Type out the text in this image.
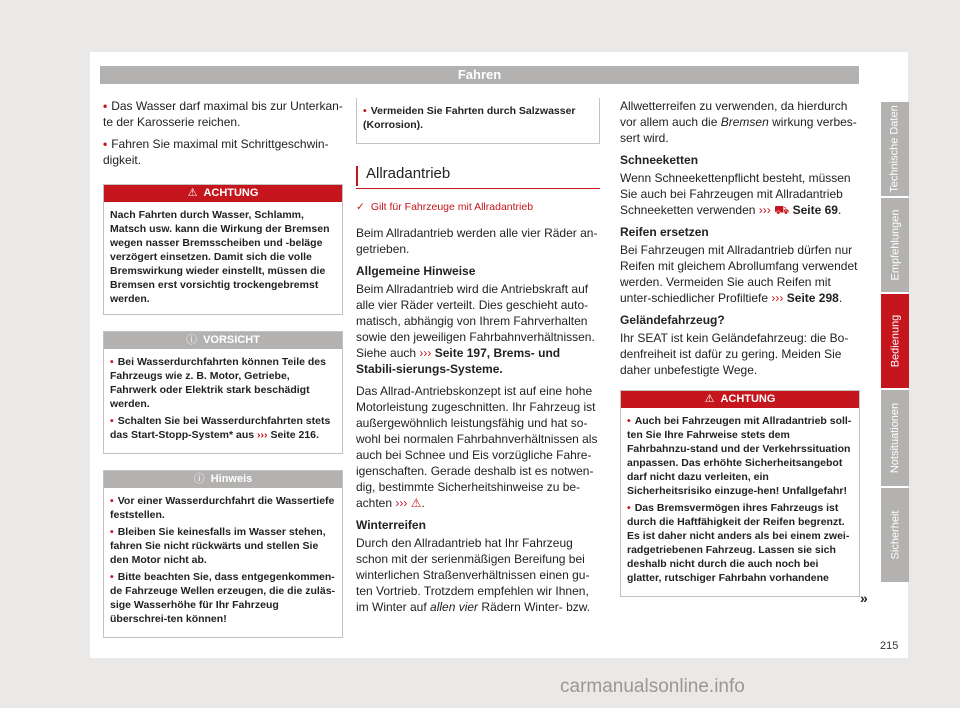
Fahren

• Das Wasser darf maximal bis zur Unterkan-te der Karosserie reichen.

• Fahren Sie maximal mit Schrittgeschwin-digkeit.

⚠ ACHTUNG
Nach Fahrten durch Wasser, Schlamm, Matsch usw. kann die Wirkung der Bremsen wegen nasser Bremsscheiben und -beläge verzögert einsetzen. Damit sich die volle Bremswirkung wieder einstellt, müssen die Bremsen erst vorsichtig trockengebremst werden.
ⓘ VORSICHT

• Bei Wasserdurchfahrten können Teile des Fahrzeugs wie z. B. Motor, Getriebe, Fahrwerk oder Elektrik stark beschädigt werden.

• Schalten Sie bei Wasserdurchfahrten stets das Start-Stopp-System* aus ››› Seite 216.

ⓘ Hinweis

• Vor einer Wasserdurchfahrt die Wassertiefe feststellen.

• Bleiben Sie keinesfalls im Wasser stehen, fahren Sie nicht rückwärts und stellen Sie den Motor nicht ab.

• Bitte beachten Sie, dass entgegenkommen-de Fahrzeuge Wellen erzeugen, die die zuläs-sige Wasserhöhe für Ihr Fahrzeug überschrei-ten können!

• Vermeiden Sie Fahrten durch Salzwasser (Korrosion).

Allradantrieb
✓ Gilt für Fahrzeuge mit Allradantrieb

Beim Allradantrieb werden alle vier Räder an-getrieben.

Allgemeine Hinweise

Beim Allradantrieb wird die Antriebskraft auf alle vier Räder verteilt. Dies geschieht auto-matisch, abhängig von Ihrem Fahrverhalten sowie den jeweiligen Fahrbahnverhältnissen. Siehe auch ››› Seite 197, Brems- und Stabili-sierungs-Systeme.

Das Allrad-Antriebskonzept ist auf eine hohe Motorleistung zugeschnitten. Ihr Fahrzeug ist außergewöhnlich leistungsfähig und hat so-wohl bei normalen Fahrbahnverhältnissen als auch bei Schnee und Eis vorzügliche Fahre-igenschaften. Gerade deshalb ist es notwen-dig, bestimmte Sicherheitshinweise zu be-achten ››› ⚠.

Winterreifen

Durch den Allradantrieb hat Ihr Fahrzeug schon mit der serienmäßigen Bereifung bei winterlichen Straßenverhältnissen einen gu-ten Vortrieb. Trotzdem empfehlen wir Ihnen, im Winter auf allen vier Rädern Winter- bzw.

Allwetterreifen zu verwenden, da hierdurch vor allem auch die Bremsen wirkung verbes-sert wird.

Schneeketten

Wenn Schneekettenpflicht besteht, müssen Sie auch bei Fahrzeugen mit Allradantrieb Schneeketten verwenden ››› ⛟ Seite 69.

Reifen ersetzen

Bei Fahrzeugen mit Allradantrieb dürfen nur Reifen mit gleichem Abrollumfang verwendet werden. Vermeiden Sie auch Reifen mit unter-schiedlicher Profiltiefe ››› Seite 298.

Geländefahrzeug?

Ihr SEAT ist kein Geländefahrzeug: die Bo-denfreiheit ist dafür zu gering. Meiden Sie daher unbefestigte Wege.

⚠ ACHTUNG

• Auch bei Fahrzeugen mit Allradantrieb soll-ten Sie Ihre Fahrweise stets dem Fahrbahnzu-stand und der Verkehrssituation anpassen. Das erhöhte Sicherheitsangebot darf nicht dazu verleiten, ein Sicherheitsrisiko einzuge-hen! Unfallgefahr!

• Das Bremsvermögen ihres Fahrzeugs ist durch die Haftfähigkeit der Reifen begrenzt. Es ist daher nicht anders als bei einem zwei-radgetriebenen Fahrzeug. Lassen sie sich deshalb nicht durch die auch noch bei glatter, rutschiger Fahrbahn vorhandene

»
Technische Daten
Empfehlungen
Bedienung
Notsituationen
Sicherheit
215
carmanualsonline.info
